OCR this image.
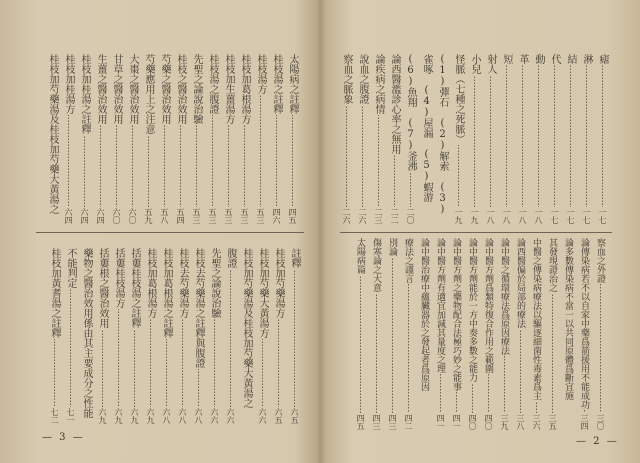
太陽病之註釋
四五
桂枝湯之註釋
四六
桂枝湯方
五三
桂枝加葛根湯方
五三
桂枝加生薑湯方
五三
桂枝湯之腹證
五三
先聖之論說治驗
五三
桂枝之醫治效用
五四
芍藥之醫治效用
五八
芍藥應用上之注意
五九
大棗之醫治效用
六〇
甘草之醫治效用
六〇
生薑之醫治效用
六四
桂枝加桂湯之註釋
六四
桂枝加桂湯方
六四
桂枝加芍藥湯及桂枝加芍藥大黃湯之
註釋
六五
桂枝加芍藥湯方
六五
桂枝加芍藥大黃湯方
六六
桂枝加芍藥湯及桂枝加芍藥大黃湯之
腹證
六六
先聖之論說治驗
六六
桂枝去芍藥湯之註釋與腹證
六八
桂枝去芍藥湯方
六八
桂枝加葛根湯之註釋
六八
桂枝加葛根湯方
六九
括蔞桂枝湯之註釋
六九
括蔞桂枝湯方
六九
括蔞根之醫治效用
六九
藥物之醫治效用係由其主要成分之性能
不能判定
七一
桂枝加黃耆湯之註釋
七二
— 3 —
瘧
一七
淋
一七
結
一七
代
一七
動
一八
革
一八
短
一八
射人
一八
小兒
一九
怪脈（七種之死脈）
一九
(1)彈石 (2)解索 (3)雀啄 (4)屋漏 (5)蝦游
(6)魚翔 (7)釜沸
二〇
論西醫濫診心率之無用
二二
論疾病之病情
二三
說血之腹證
二六
察血之脈象
二六
察血之外證
三〇
論傳染病若不以自家中藥爲箭援用不能成功
三四
論多數傳染病不當一以共同原體爲斷宜施
其發現證治之
三五
中醫之傳染病療法以驅逐細菌性毒素爲主
三六
論西醫偏於局部的療法
三八
論中醫之循環療法爲原因療法
三九
論中醫方劑爲類特復合作用之範圍
四〇
論中醫方劑能於一方中奏多數之能力
四〇
論中醫方劑之藥物配合法極巧妙之能事
四一
論中醫方劑有適宜加減其量度之理
四一
論中醫治療中蘊臟器於之發起者爲原因
療法之謹言
四二
別論
四三
傷寒論之大意
四三
太陽病篇
四五
— 2 —
